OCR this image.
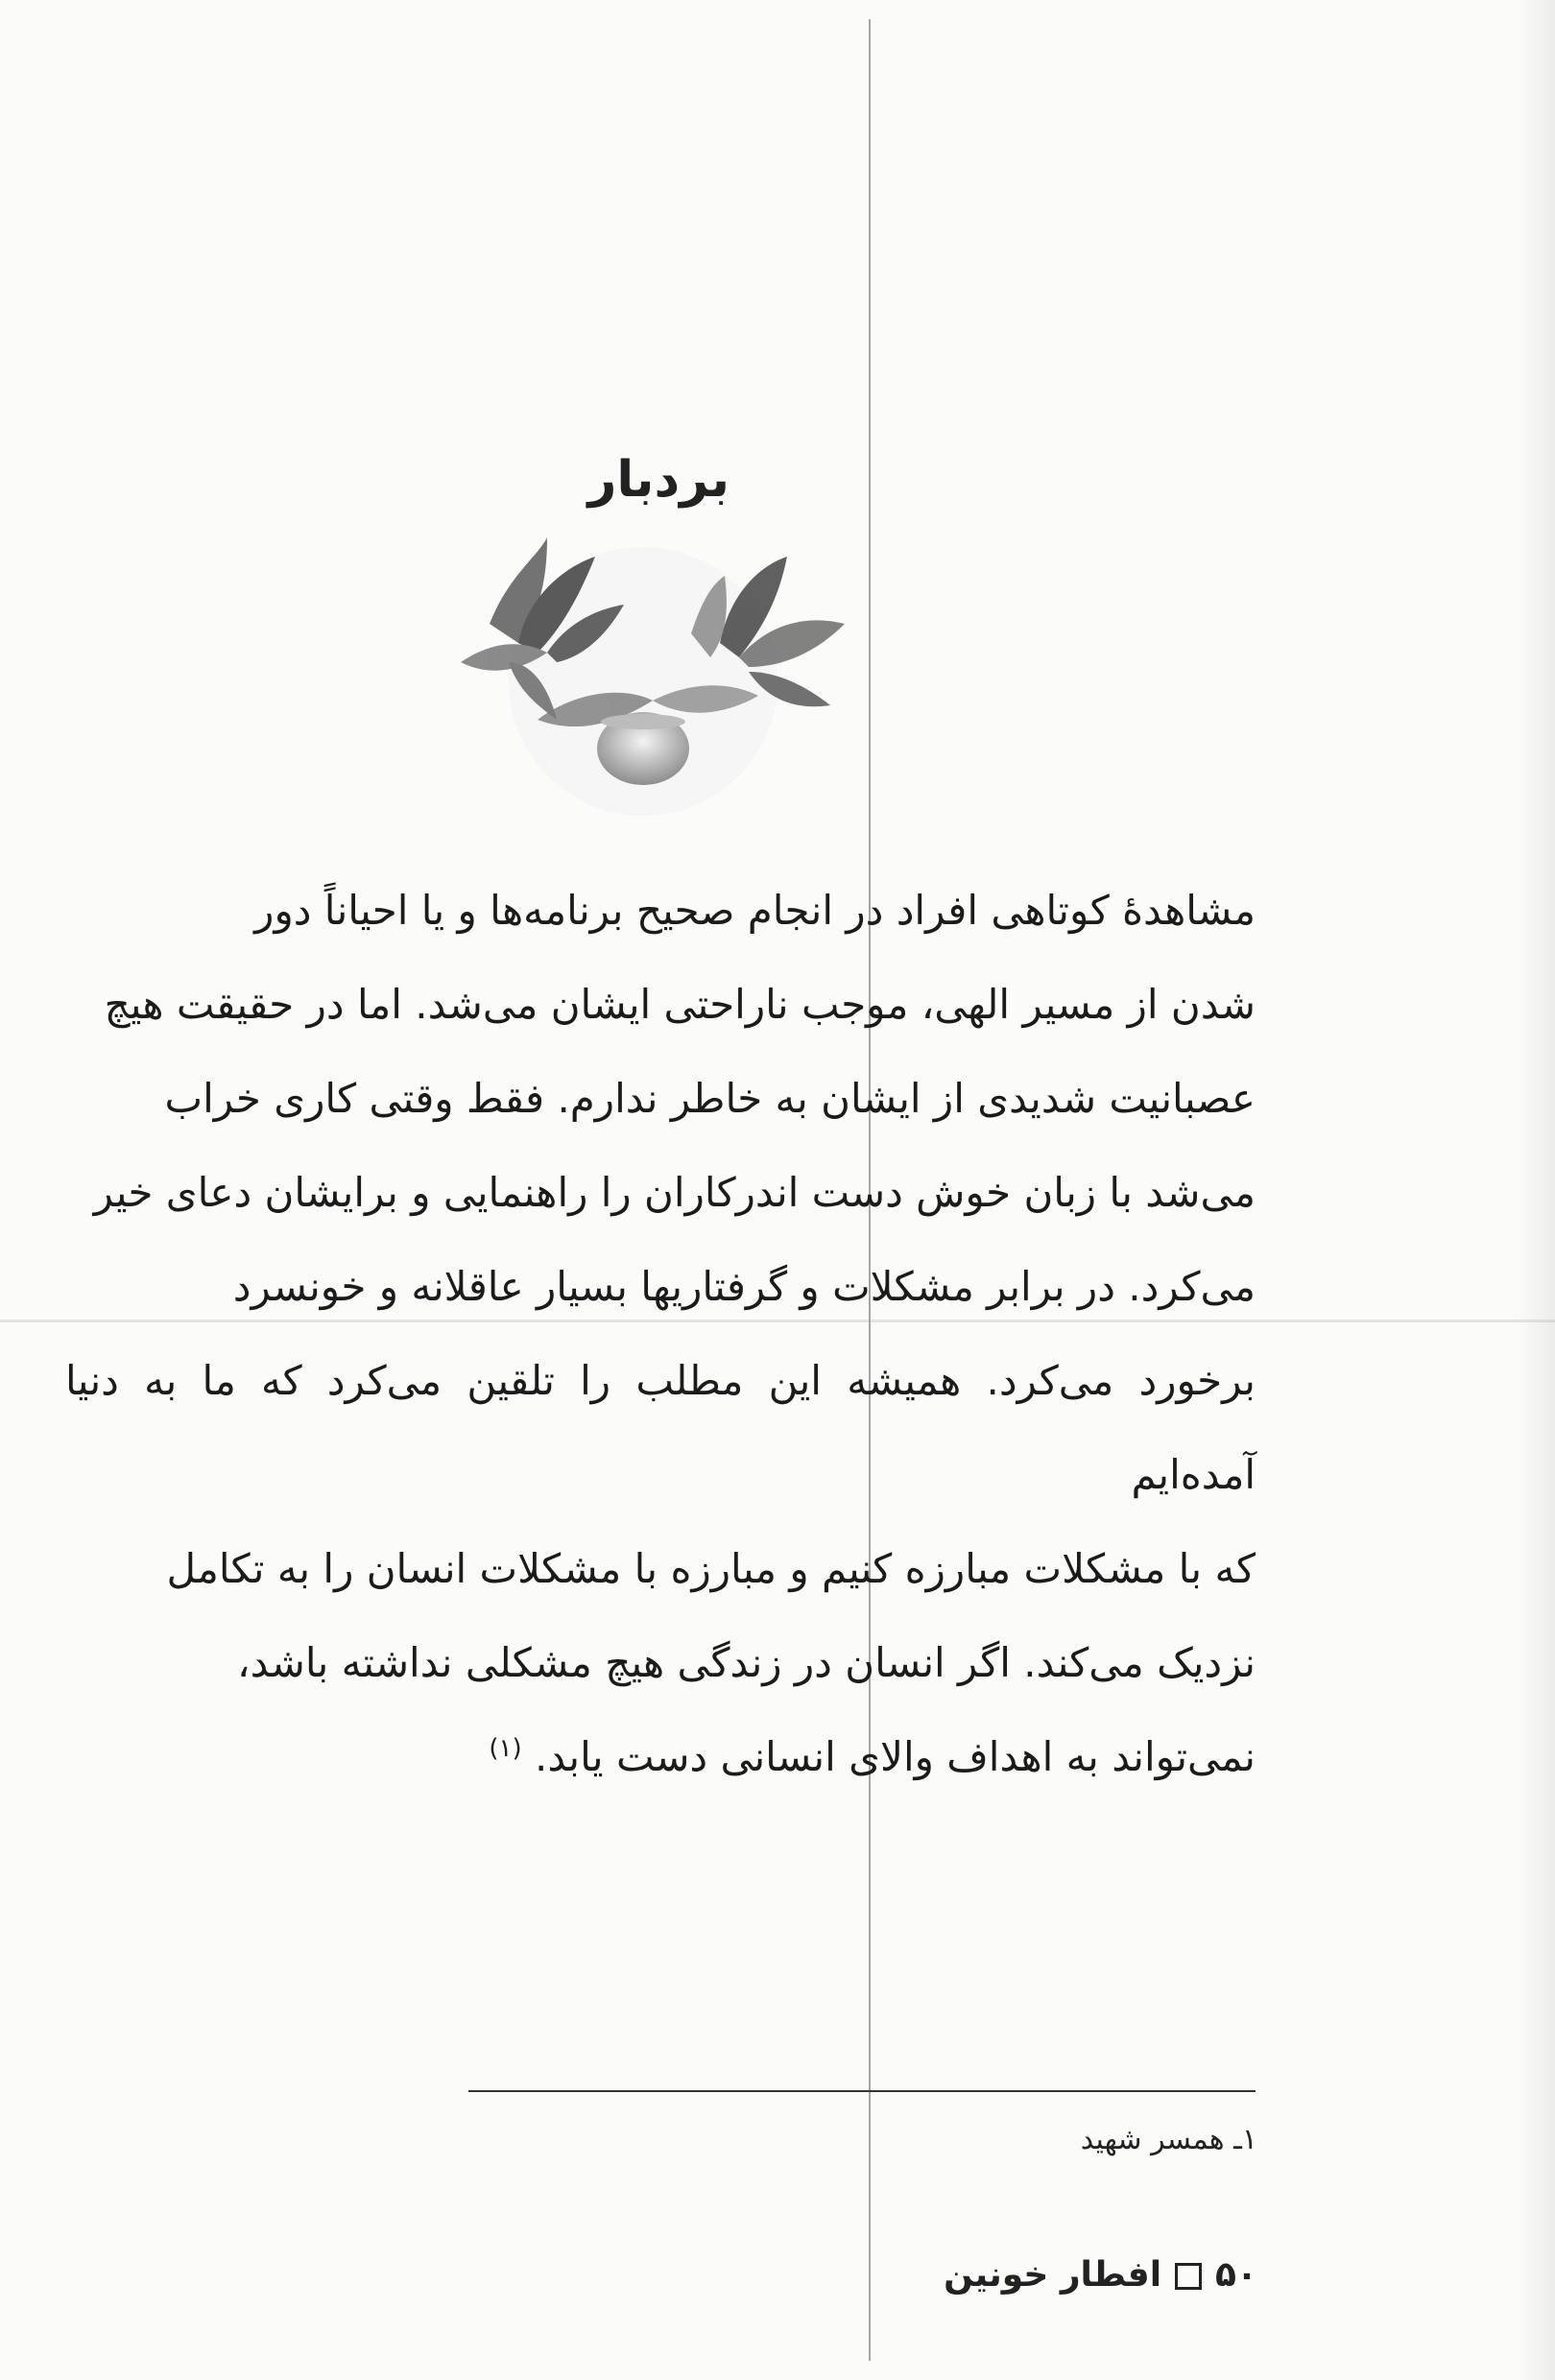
بردبار
مشاهدهٔ کوتاهی افراد در انجام صحیح برنامه‌ها و یا احیاناً دور
شدن از مسیر الهی، موجب ناراحتی ایشان می‌شد. اما در حقیقت هیچ
عصبانیت شدیدی از ایشان به خاطر ندارم. فقط وقتی کاری خراب
می‌شد با زبان خوش دست اندرکاران را راهنمایی و برایشان دعای خیر
می‌کرد. در برابر مشکلات و گرفتاریها بسیار عاقلانه و خونسرد
برخورد می‌کرد. همیشه این مطلب را تلقین می‌کرد که ما به دنیا آمده‌ایم
که با مشکلات مبارزه کنیم و مبارزه با مشکلات انسان را به تکامل
نزدیک می‌کند. اگر انسان در زندگی هیچ مشکلی نداشته باشد،
نمی‌تواند به اهداف والای انسانی دست یابد. $^{(۱)}$
۱ـ همسر شهید
۵۰افطار خونین
